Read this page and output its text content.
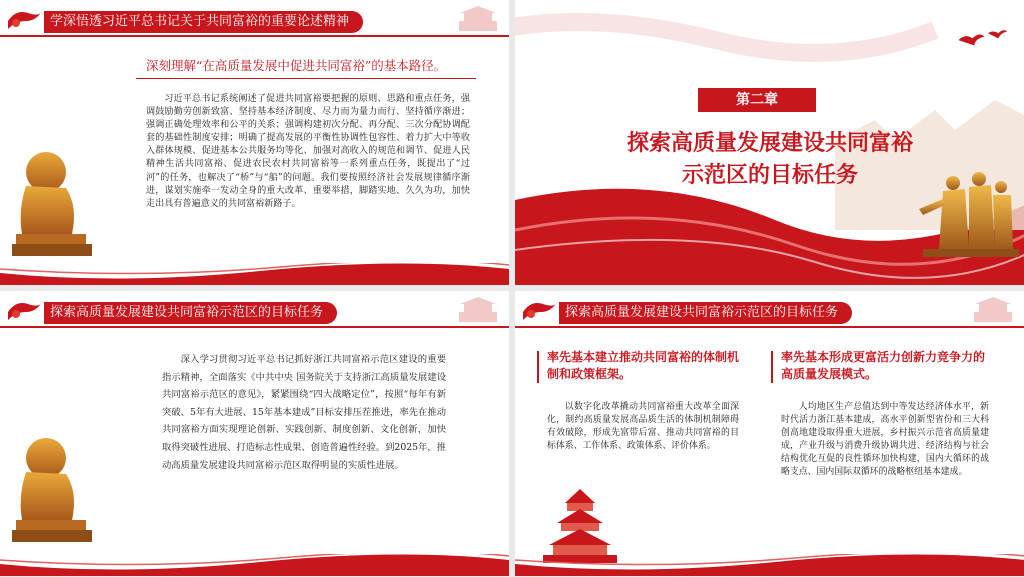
学深悟透习近平总书记关于共同富裕的重要论述精神
深刻理解“在高质量发展中促进共同富裕”的基本路径。
习近平总书记系统阐述了促进共同富裕要把握的原则、思路和重点任务，强调鼓励勤劳创新致富、坚持基本经济制度、尽力而为量力而行、坚持循序渐进；强调正确处理效率和公平的关系；强调构建初次分配、再分配、三次分配协调配套的基础性制度安排；明确了提高发展的平衡性协调性包容性、着力扩大中等收入群体规模、促进基本公共服务均等化、加强对高收入的规范和调节、促进人民精神生活共同富裕、促进农民农村共同富裕等一系列重点任务，既提出了“过河”的任务，也解决了“桥”与“船”的问题。我们要按照经济社会发展规律循序渐进，谋划实施牵一发动全身的重大改革、重要举措，脚踏实地、久久为功，加快走出具有普遍意义的共同富裕新路子。
第二章
探索高质量发展建设共同富裕
示范区的目标任务
探索高质量发展建设共同富裕示范区的目标任务
深入学习贯彻习近平总书记抓好浙江共同富裕示范区建设的重要指示精神，全面落实《中共中央 国务院关于支持浙江高质量发展建设共同富裕示范区的意见》，紧紧围绕“四大战略定位”，按照“每年有新突破、5年有大进展、15年基本建成”目标安排压茬推进，率先在推动共同富裕方面实现理论创新、实践创新、制度创新、文化创新，加快取得突破性进展、打造标志性成果、创造普遍性经验。到2025年，推动高质量发展建设共同富裕示范区取得明显的实质性进展。
探索高质量发展建设共同富裕示范区的目标任务
率先基本建立推动共同富裕的体制机制和政策框架。
以数字化改革撬动共同富裕重大改革全面深化，制约高质量发展高品质生活的体制机制障碍有效破除，形成先富带后富、推动共同富裕的目标体系、工作体系、政策体系、评价体系。
率先基本形成更富活力创新力竞争力的高质量发展模式。
人均地区生产总值达到中等发达经济体水平，新时代活力浙江基本建成，高水平创新型省份和三大科创高地建设取得重大进展，乡村振兴示范省高质量建成，产业升级与消费升级协调共进、经济结构与社会结构优化互促的良性循环加快构建，国内大循环的战略支点、国内国际双循环的战略枢纽基本建成。
